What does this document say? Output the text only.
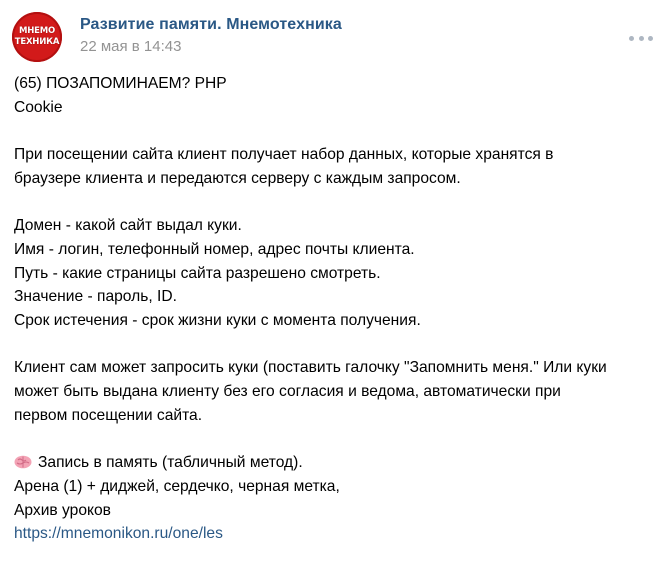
МНЕМО
ТЕХНИКА
Развитие памяти. Мнемотехника
22 мая в 14:43

(65) ПОЗАПОМИНАЕМ? PHP

Cookie

При посещении сайта клиент получает набор данных, которые хранятся в

браузере клиента и передаются серверу с каждым запросом.

Домен - какой сайт выдал куки.

Имя - логин, телефонный номер, адрес почты клиента.

Путь - какие страницы сайта разрешено смотреть.

Значение - пароль, ID.

Срок истечения - срок жизни куки с момента получения.

Клиент сам может запросить куки (поставить галочку "Запомнить меня." Или куки

может быть выдана клиенту без его согласия и ведома, автоматически при

первом посещении сайта.

Запись в память (табличный метод).

Арена (1) + диджей, сердечко, черная метка,

Архив уроков

https://mnemonikon.ru/one/les
